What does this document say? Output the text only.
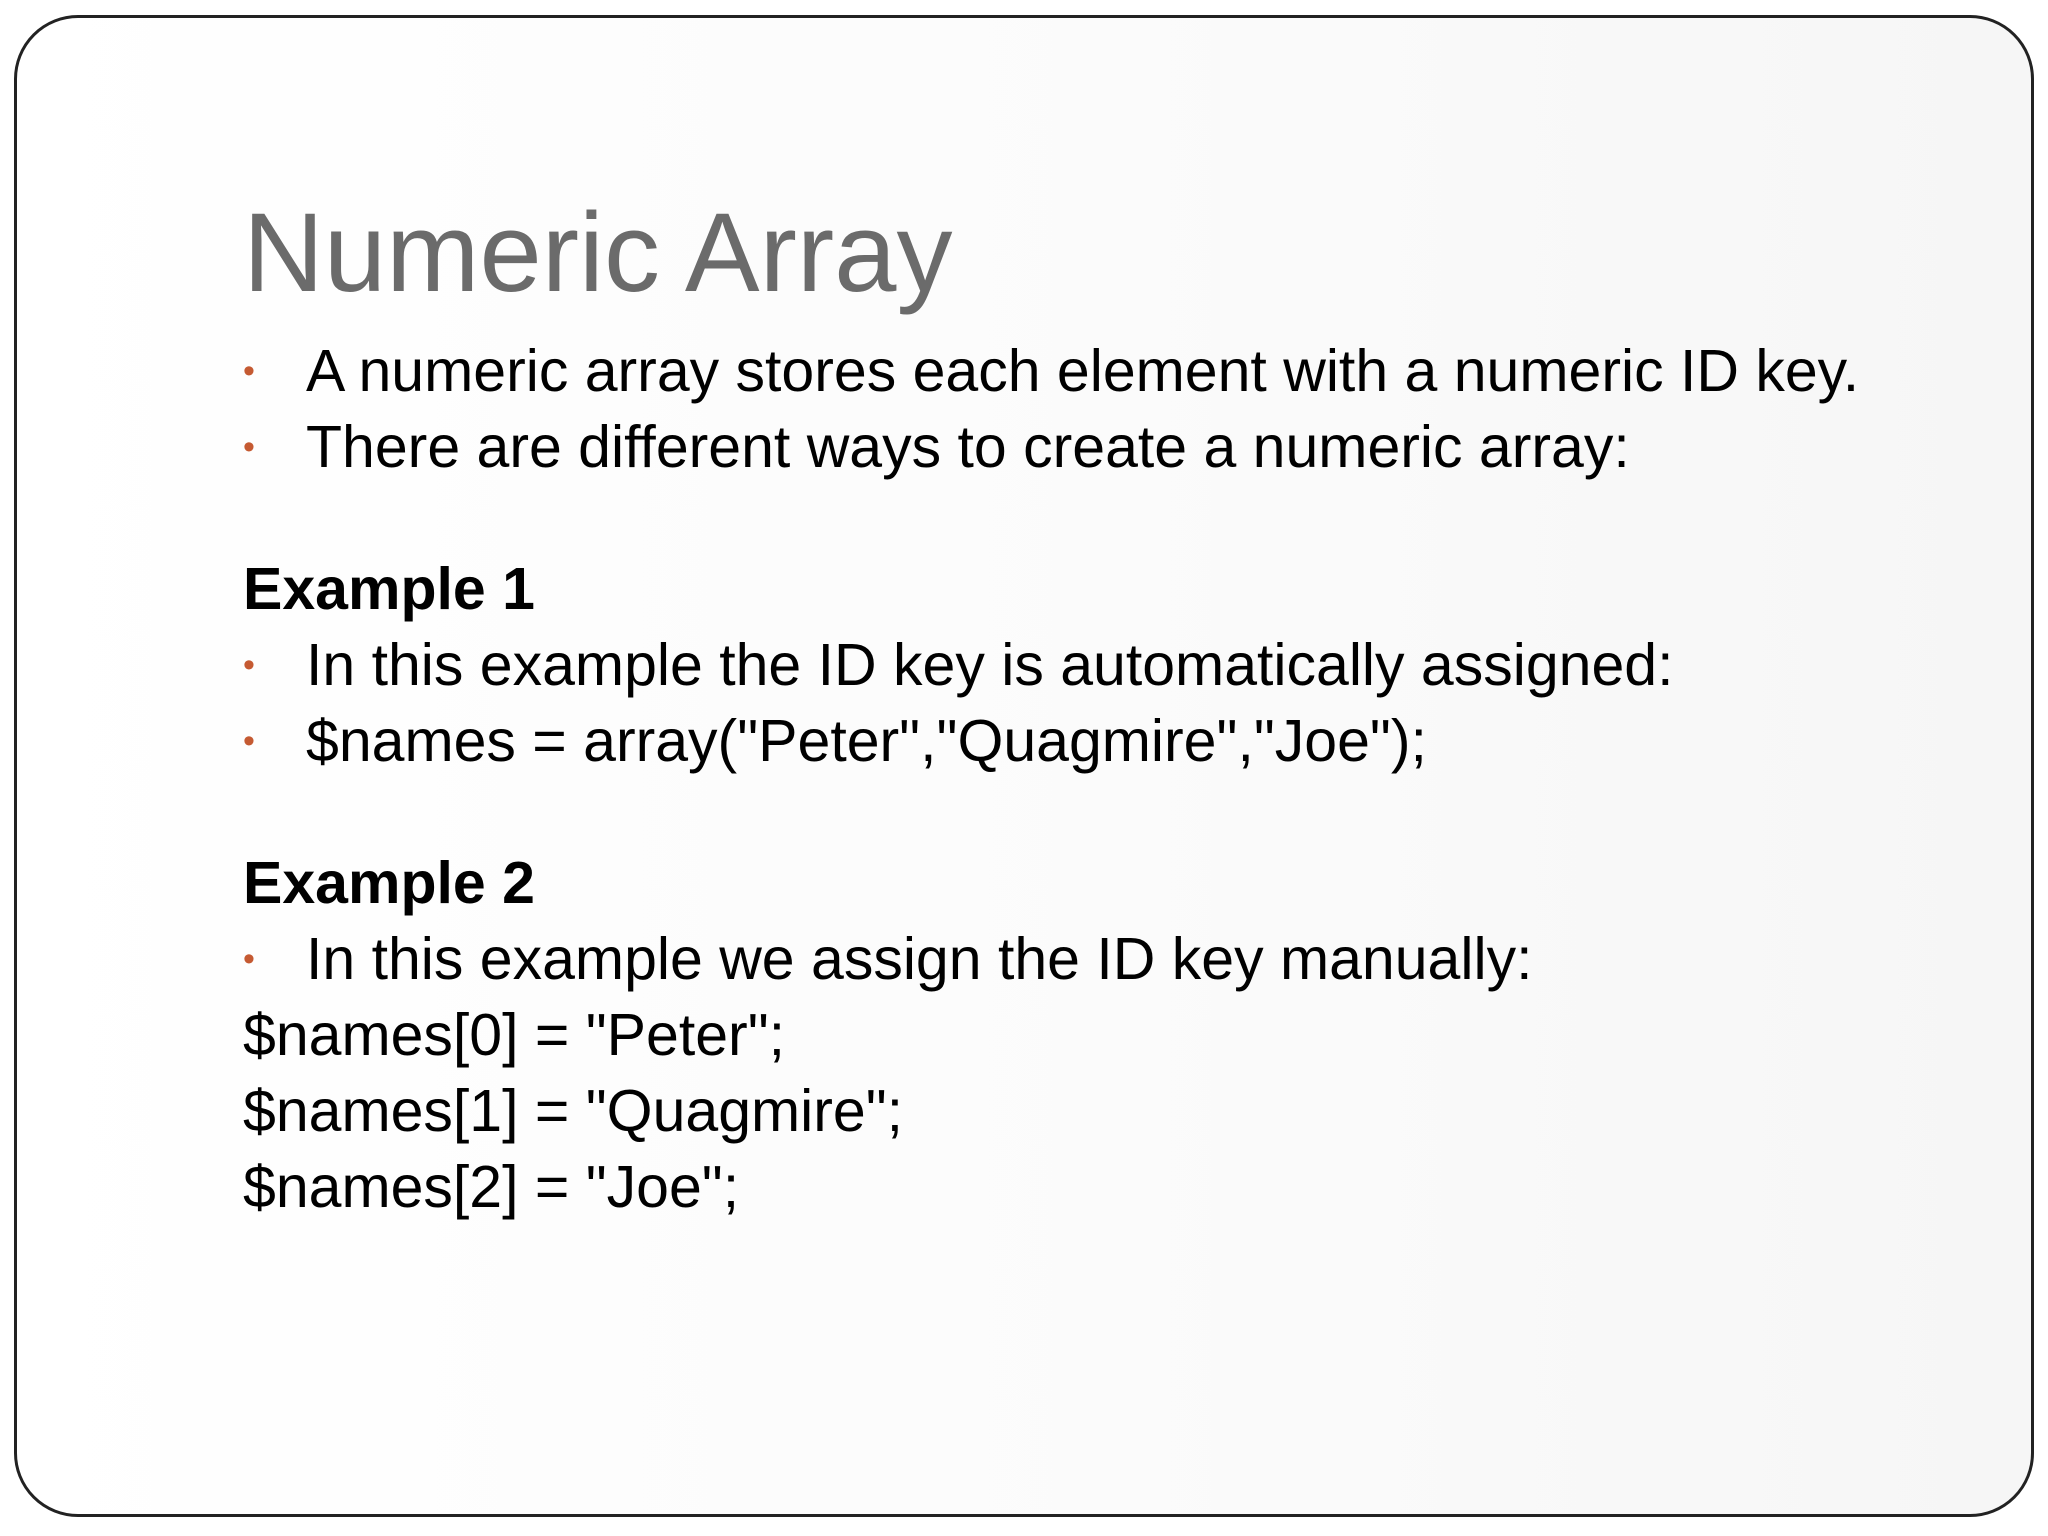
Numeric Array
• A numeric array stores each element with a numeric ID key.
• There are different ways to create a numeric array:
Example 1
• In this example the ID key is automatically assigned:
• $names = array("Peter","Quagmire","Joe");
Example 2
• In this example we assign the ID key manually:
$names[0] = "Peter";
$names[1] = "Quagmire";
$names[2] = "Joe";
